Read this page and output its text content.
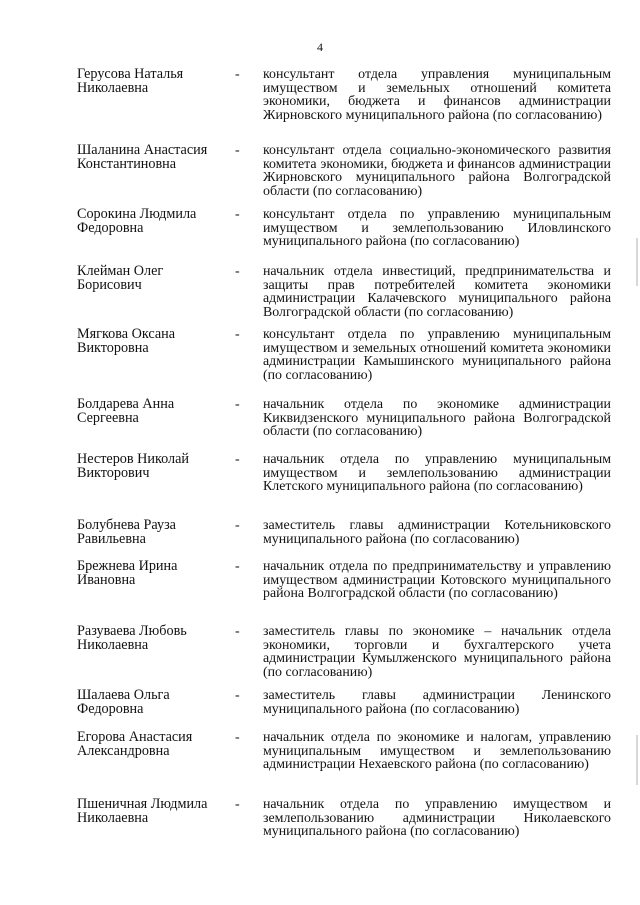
4
Герусова Наталья Николаевна
-	консультант отдела управления муниципальным имуществом и земельных отношений комитета экономики, бюджета и финансов администрации Жирновского муниципального района (по согласованию)
Шаланина Анастасия Константиновна
-	консультант отдела социально-экономического развития комитета экономики, бюджета и финансов администрации Жирновского муниципального района Волгоградской области (по согласованию)
Сорокина Людмила Федоровна
-	консультант отдела по управлению муниципальным имуществом и землепользованию Иловлинского муниципального района (по согласованию)
Клейман Олег Борисович
-	начальник отдела инвестиций, предпринимательства и защиты прав потребителей комитета экономики администрации Калачевского муниципального района Волгоградской области (по согласованию)
Мягкова Оксана Викторовна
-	консультант отдела по управлению муниципальным имуществом и земельных отношений комитета экономики администрации Камышинского муниципального района (по согласованию)
Болдарева Анна Сергеевна
-	начальник отдела по экономике администрации Киквидзенского муниципального района Волгоградской области (по согласованию)
Нестеров Николай Викторович
-	начальник отдела по управлению муниципальным имуществом и землепользованию администрации Клетского муниципального района (по согласованию)
Болубнева Рауза Равильевна
-	заместитель главы администрации Котельниковского муниципального района (по согласованию)
Брежнева Ирина Ивановна
-	начальник отдела по предпринимательству и управлению имуществом администрации Котовского муниципального района Волгоградской области (по согласованию)
Разуваева Любовь Николаевна
-	заместитель главы по экономике – начальник отдела экономики, торговли и бухгалтерского учета администрации Кумылженского муниципального района (по согласованию)
Шалаева Ольга Федоровна
-	заместитель главы администрации Ленинского муниципального района (по согласованию)
Егорова Анастасия Александровна
-	начальник отдела по экономике и налогам, управлению муниципальным имуществом и землепользованию администрации Нехаевского района (по согласованию)
Пшеничная Людмила Николаевна
-	начальник отдела по управлению имуществом и землепользованию администрации Николаевского муниципального района (по согласованию)
